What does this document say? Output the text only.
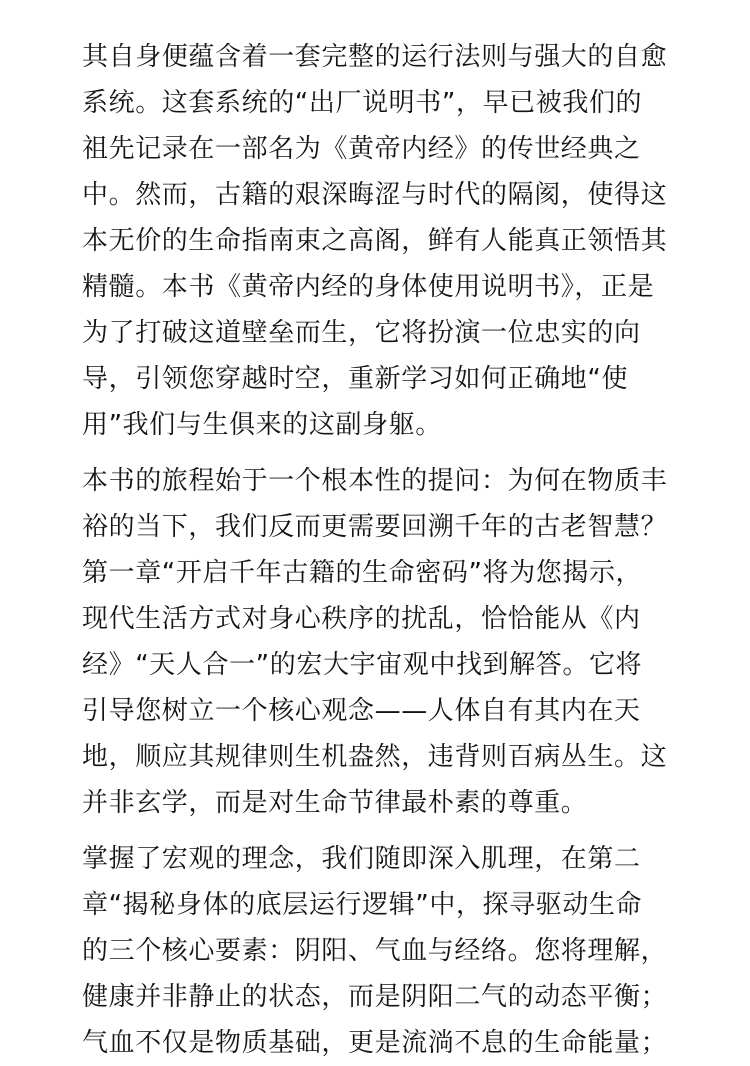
其自身便蕴含着一套完整的运行法则与强大的自愈
系统。这套系统的“出厂说明书”，早已被我们的
祖先记录在一部名为《黄帝内经》的传世经典之
中。然而，古籍的艰深晦涩与时代的隔阂，使得这
本无价的生命指南束之高阁，鲜有人能真正领悟其
精髓。本书《黄帝内经的身体使用说明书》，正是
为了打破这道壁垒而生，它将扮演一位忠实的向
导，引领您穿越时空，重新学习如何正确地“使
用”我们与生俱来的这副身躯。
本书的旅程始于一个根本性的提问：为何在物质丰
裕的当下，我们反而更需要回溯千年的古老智慧？
第一章“开启千年古籍的生命密码”将为您揭示，
现代生活方式对身心秩序的扰乱，恰恰能从《内
经》“天人合一”的宏大宇宙观中找到解答。它将
引导您树立一个核心观念——人体自有其内在天
地，顺应其规律则生机盎然，违背则百病丛生。这
并非玄学，而是对生命节律最朴素的尊重。
掌握了宏观的理念，我们随即深入肌理，在第二
章“揭秘身体的底层运行逻辑”中，探寻驱动生命
的三个核心要素：阴阳、气血与经络。您将理解，
健康并非静止的状态，而是阴阳二气的动态平衡；
气血不仅是物质基础，更是流淌不息的生命能量；
